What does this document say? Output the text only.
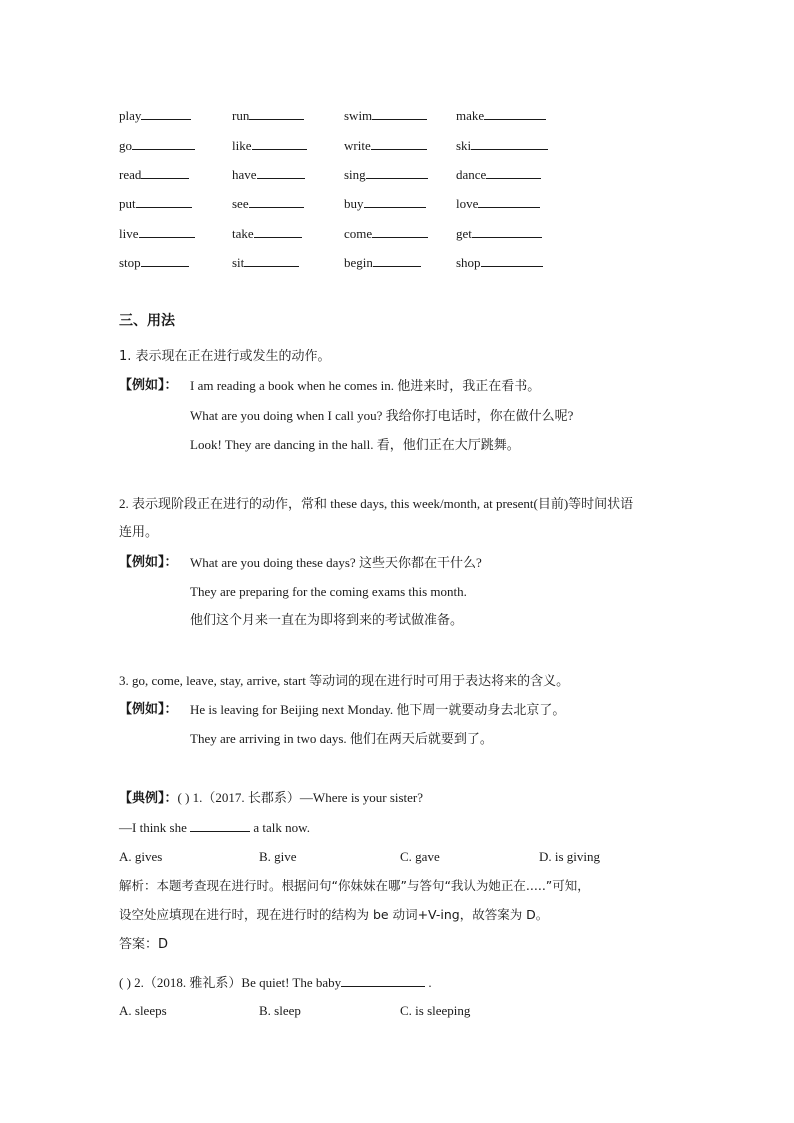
play	run	swim	make
go	like	write	ski
read	have	sing	dance
put	see	buy	love
live	take	come	get
stop	sit	begin	shop
三、用法
1. 表示现在正在进行或发生的动作。
【例如】： I am reading a book when he comes in. 他进来时，我正在看书。
What are you doing when I call you? 我给你打电话时，你在做什么呢?
Look! They are dancing in the hall. 看，他们正在大厅跳舞。
2. 表示现阶段正在进行的动作，常和 these days, this week/month, at present(目前)等时间状语
连用。
【例如】： What are you doing these days? 这些天你都在干什么?
They are preparing for the coming exams this month.
他们这个月来一直在为即将到来的考试做准备。
3. go, come, leave, stay, arrive, start 等动词的现在进行时可用于表达将来的含义。
【例如】： He is leaving for Beijing next Monday. 他下周一就要动身去北京了。
They are arriving in two days. 他们在两天后就要到了。
【典例】：( ) 1.（2017. 长郡系）—Where is your sister?
—I think she	a talk now.
A. gives	B. give	C. gave	D. is giving
解析：本题考查现在进行时。根据问句“你妹妹在哪”与答句“我认为她正在.....”可知，
设空处应填现在进行时，现在进行时的结构为 be 动词+V-ing，故答案为 D。
答案：D
( ) 2.（2018. 雅礼系）Be quiet! The baby	.
A. sleeps	B. sleep	C. is sleeping
